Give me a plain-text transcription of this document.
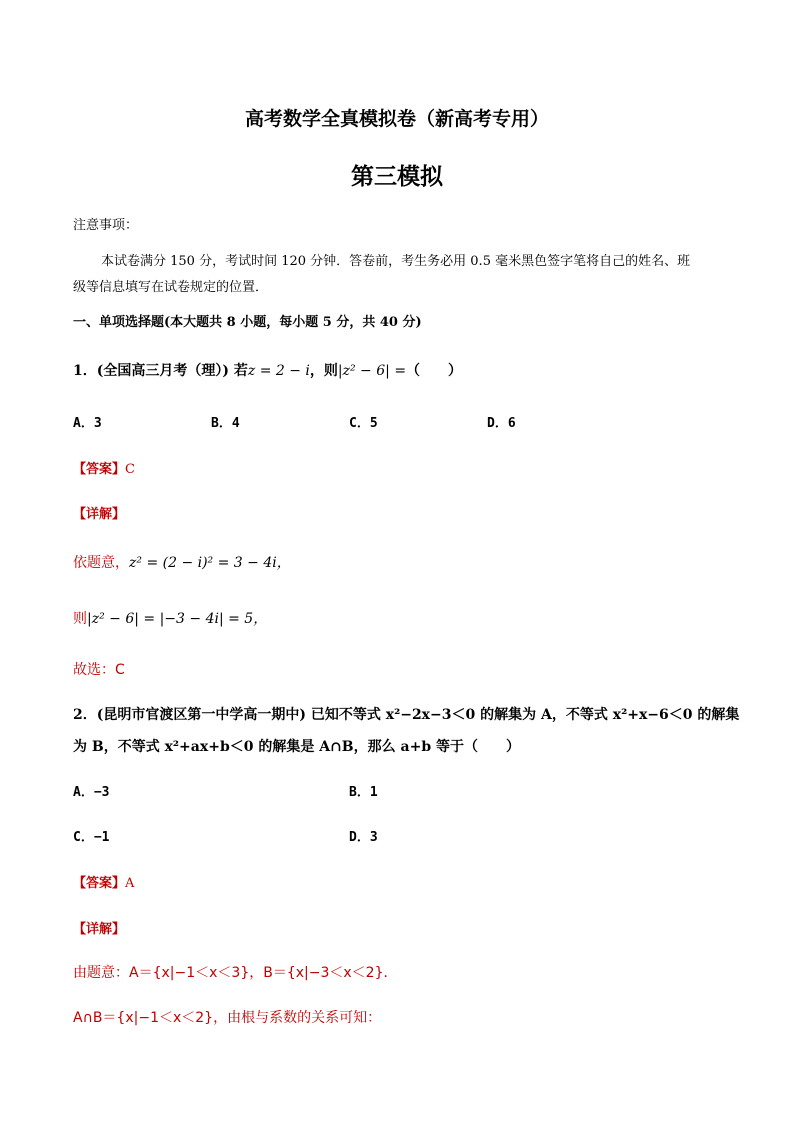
高考数学全真模拟卷（新高考专用）
第三模拟
注意事项：
本试卷满分 150 分，考试时间 120 分钟．答卷前，考生务必用 0.5 毫米黑色签字笔将自己的姓名、班
级等信息填写在试卷规定的位置．
一、单项选择题(本大题共 8 小题，每小题 5 分，共 40 分)
1．(全国高三月考（理）) 若z = 2 − i，则|z² − 6| =（　　）
A．3	B．4	C．5	D．6
【答案】C
【详解】
依题意，z² = (2 − i)² = 3 − 4i，
则|z² − 6| = |−3 − 4i| = 5，
故选：C
2．(昆明市官渡区第一中学高一期中) 已知不等式 x²−2x−3＜0 的解集为 A，不等式 x²+x−6＜0 的解集
为 B，不等式 x²+ax+b＜0 的解集是 A∩B，那么 a+b 等于（　　）
A．−3	B．1
C．−1	D．3
【答案】A
【详解】
由题意：A＝{x|−1＜x＜3}，B＝{x|−3＜x＜2}．
A∩B＝{x|−1＜x＜2}，由根与系数的关系可知：
